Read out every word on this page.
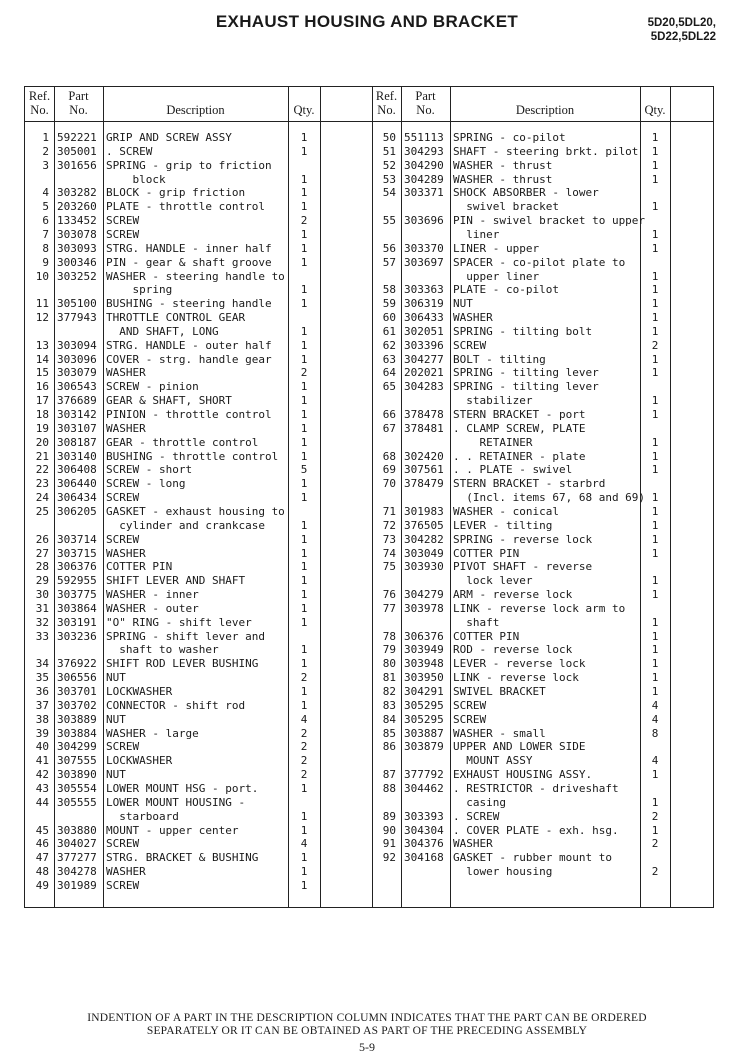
EXHAUST HOUSING AND BRACKET	5D20,5DL20,
5D22,5DL22
Ref.
No.
Part
No.	Description	Qty.
Ref.
No.
Part
No.	Description	Qty.
1 592221 GRIP AND SCREW ASSY	1
2 305001 . SCREW	1
3 301656 SPRING - grip to friction
block	1
4 303282 BLOCK - grip friction	1
5 203260 PLATE - throttle control	1
6 133452 SCREW	2
7 303078 SCREW	1
8 303093 STRG. HANDLE - inner half	1
9 300346 PIN - gear & shaft groove	1
10 303252 WASHER - steering handle to
spring	1
11 305100 BUSHING - steering handle	1
12 377943 THROTTLE CONTROL GEAR
AND SHAFT, LONG	1
13 303094 STRG. HANDLE - outer half	1
14 303096 COVER - strg. handle gear	1
15 303079 WASHER	2
16 306543 SCREW - pinion	1
17 376689 GEAR & SHAFT, SHORT	1
18 303142 PINION - throttle control	1
19 303107 WASHER	1
20 308187 GEAR - throttle control	1
21 303140 BUSHING - throttle control	1
22 306408 SCREW - short	5
23 306440 SCREW - long	1
24 306434 SCREW	1
25 306205 GASKET - exhaust housing to
cylinder and crankcase	1
26 303714 SCREW	1
27 303715 WASHER	1
28 306376 COTTER PIN	1
29 592955 SHIFT LEVER AND SHAFT	1
30 303775 WASHER - inner	1
31 303864 WASHER - outer	1
32 303191 "O" RING - shift lever	1
33 303236 SPRING - shift lever and
shaft to washer	1
34 376922 SHIFT ROD LEVER BUSHING	1
35 306556 NUT	2
36 303701 LOCKWASHER	1
37 303702 CONNECTOR - shift rod	1
38 303889 NUT	4
39 303884 WASHER - large	2
40 304299 SCREW	2
41 307555 LOCKWASHER	2
42 303890 NUT	2
43 305554 LOWER MOUNT HSG - port.	1
44 305555 LOWER MOUNT HOUSING -
starboard	1
45 303880 MOUNT - upper center	1
46 304027 SCREW	4
47 377277 STRG. BRACKET & BUSHING	1
48 304278 WASHER	1
49 301989 SCREW	1
50 551113 SPRING - co-pilot	1
51 304293 SHAFT - steering brkt. pilot	1
52 304290 WASHER - thrust	1
53 304289 WASHER - thrust	1
54 303371 SHOCK ABSORBER - lower
swivel bracket	1
55 303696 PIN - swivel bracket to upper
liner	1
56 303370 LINER - upper	1
57 303697 SPACER - co-pilot plate to
upper liner	1
58 303363 PLATE - co-pilot	1
59 306319 NUT	1
60 306433 WASHER	1
61 302051 SPRING - tilting bolt	1
62 303396 SCREW	2
63 304277 BOLT - tilting	1
64 202021 SPRING - tilting lever	1
65 304283 SPRING - tilting lever
stabilizer	1
66 378478 STERN BRACKET - port	1
67 378481 . CLAMP SCREW, PLATE
RETAINER	1
68 302420 . . RETAINER - plate	1
69 307561 . . PLATE - swivel	1
70 378479 STERN BRACKET - starbrd
(Incl. items 67, 68 and 69) 1
71 301983 WASHER - conical	1
72 376505 LEVER - tilting	1
73 304282 SPRING - reverse lock	1
74 303049 COTTER PIN	1
75 303930 PIVOT SHAFT - reverse
lock lever	1
76 304279 ARM - reverse lock	1
77 303978 LINK - reverse lock arm to
shaft	1
78 306376 COTTER PIN	1
79 303949 ROD - reverse lock	1
80 303948 LEVER - reverse lock	1
81 303950 LINK - reverse lock	1
82 304291 SWIVEL BRACKET	1
83 305295 SCREW	4
84 305295 SCREW	4
85 303887 WASHER - small	8
86 303879 UPPER AND LOWER SIDE
MOUNT ASSY	4
87 377792 EXHAUST HOUSING ASSY.	1
88 304462 . RESTRICTOR - driveshaft
casing	1
89 303393 . SCREW	2
90 304304 . COVER PLATE - exh. hsg.	1
91 304376 WASHER	2
92 304168 GASKET - rubber mount to
lower housing	2
INDENTION OF A PART IN THE DESCRIPTION COLUMN INDICATES THAT THE PART CAN BE ORDERED
SEPARATELY OR IT CAN BE OBTAINED AS PART OF THE PRECEDING ASSEMBLY
5-9
